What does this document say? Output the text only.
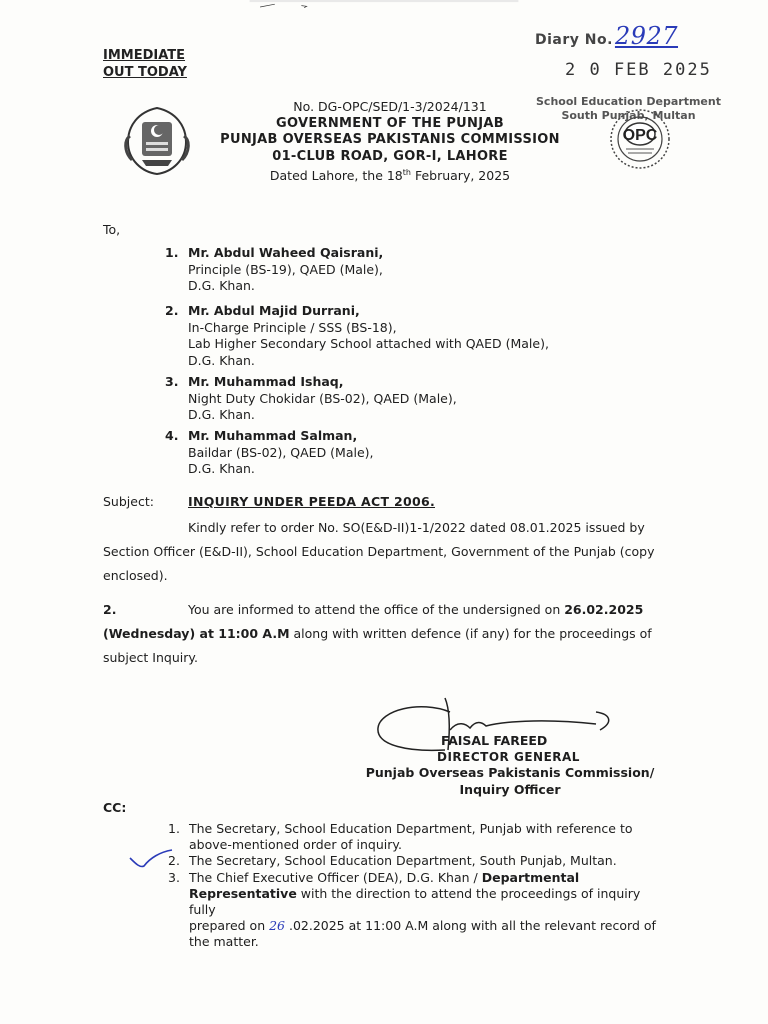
Diary No.2927
2 0 FEB 2025
IMMEDIATE
OUT TODAY
School Education Department
South Punjab, Multan
OPC
No. DG-OPC/SED/1-3/2024/131
GOVERNMENT OF THE PUNJAB
PUNJAB OVERSEAS PAKISTANIS COMMISSION
01-CLUB ROAD, GOR-I, LAHORE
Dated Lahore, the 18th February, 2025
To,
1. Mr. Abdul Waheed Qaisrani,
Principle (BS-19), QAED (Male),
D.G. Khan.
2. Mr. Abdul Majid Durrani,
In-Charge Principle / SSS (BS-18),
Lab Higher Secondary School attached with QAED (Male),
D.G. Khan.
3. Mr. Muhammad Ishaq,
Night Duty Chokidar (BS-02), QAED (Male),
D.G. Khan.
4. Mr. Muhammad Salman,
Baildar (BS-02), QAED (Male),
D.G. Khan.
Subject:	INQUIRY UNDER PEEDA ACT 2006.
Kindly refer to order No. SO(E&D-II)1-1/2022 dated 08.01.2025 issued by
Section Officer (E&D-II), School Education Department, Government of the Punjab (copy
enclosed).
2.	You are informed to attend the office of the undersigned on 26.02.2025
(Wednesday) at 11:00 A.M along with written defence (if any) for the proceedings of
subject Inquiry.
FAISAL FAREED
DIRECTOR GENERAL
Punjab Overseas Pakistanis Commission/
Inquiry Officer
CC:
1. The Secretary, School Education Department, Punjab with reference to
above-mentioned order of inquiry.
2. The Secretary, School Education Department, South Punjab, Multan.
3. The Chief Executive Officer (DEA), D.G. Khan / Departmental
Representative with the direction to attend the proceedings of inquiry fully
prepared on 26 .02.2025 at 11:00 A.M along with all the relevant record of
the matter.
